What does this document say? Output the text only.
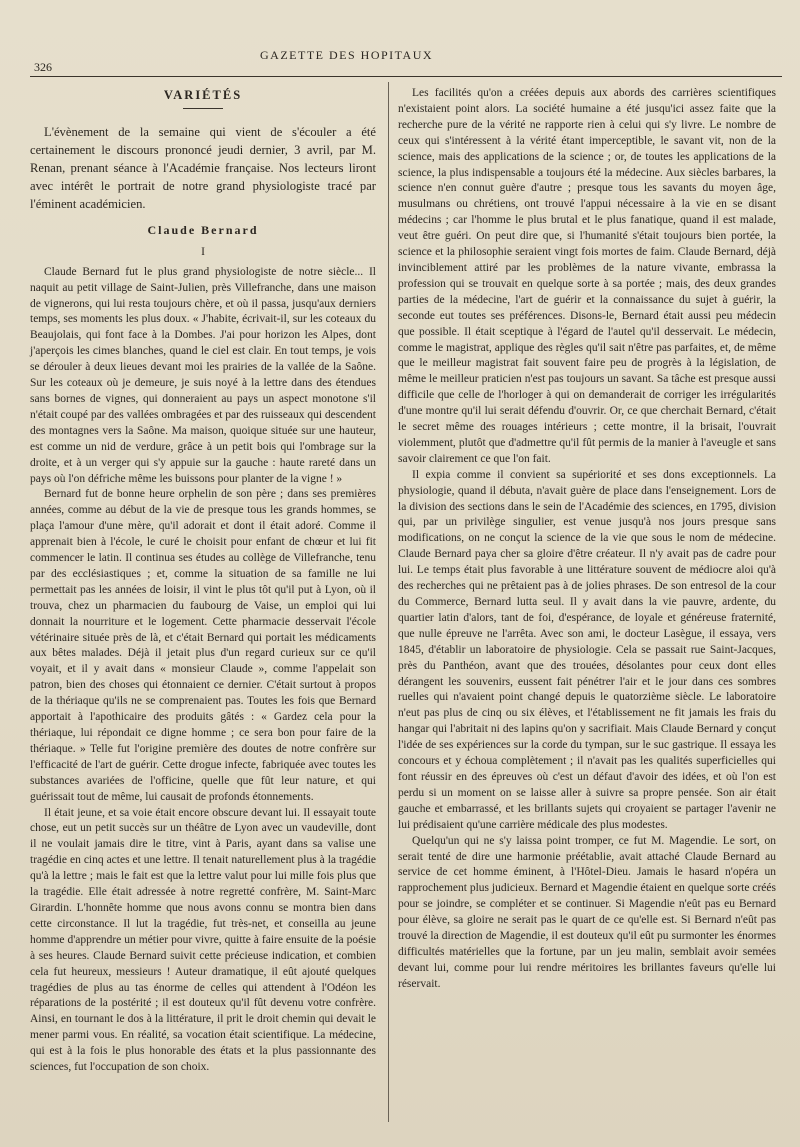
326
GAZETTE DES HOPITAUX
VARIÉTÉS

L'évènement de la semaine qui vient de s'écouler a été certainement le discours prononcé jeudi dernier, 3 avril, par M. Renan, prenant séance à l'Académie française. Nos lecteurs liront avec intérêt le portrait de notre grand physiologiste tracé par l'éminent académicien.

Claude Bernard
I

Claude Bernard fut le plus grand physiologiste de notre siècle... Il naquit au petit village de Saint-Julien, près Villefranche, dans une maison de vignerons, qui lui resta toujours chère, et où il passa, jusqu'aux derniers temps, ses moments les plus doux. « J'habite, écrivait-il, sur les coteaux du Beaujolais, qui font face à la Dombes. J'ai pour horizon les Alpes, dont j'aperçois les cimes blanches, quand le ciel est clair. En tout temps, je vois se dérouler à deux lieues devant moi les prairies de la vallée de la Saône. Sur les coteaux où je demeure, je suis noyé à la lettre dans des étendues sans bornes de vignes, qui donneraient au pays un aspect monotone s'il n'était coupé par des vallées ombragées et par des ruisseaux qui descendent des montagnes vers la Saône. Ma maison, quoique située sur une hauteur, est comme un nid de verdure, grâce à un petit bois qui l'ombrage sur la droite, et à un verger qui s'y appuie sur la gauche : haute rareté dans un pays où l'on défriche même les buissons pour planter de la vigne ! »

Bernard fut de bonne heure orphelin de son père ; dans ses premières années, comme au début de la vie de presque tous les grands hommes, se plaça l'amour d'une mère, qu'il adorait et dont il était adoré. Comme il apprenait bien à l'école, le curé le choisit pour enfant de chœur et lui fit commencer le latin. Il continua ses études au collège de Villefranche, tenu par des ecclésiastiques ; et, comme la situation de sa famille ne lui permettait pas les années de loisir, il vint le plus tôt qu'il put à Lyon, où il trouva, chez un pharmacien du faubourg de Vaise, un emploi qui lui donnait la nourriture et le logement. Cette pharmacie desservait l'école vétérinaire située près de là, et c'était Bernard qui portait les médicaments aux bêtes malades. Déjà il jetait plus d'un regard curieux sur ce qu'il voyait, et il y avait dans « monsieur Claude », comme l'appelait son patron, bien des choses qui étonnaient ce dernier. C'était surtout à propos de la thériaque qu'ils ne se comprenaient pas. Toutes les fois que Bernard apportait à l'apothicaire des produits gâtés : « Gardez cela pour la thériaque, lui répondait ce digne homme ; ce sera bon pour faire de la thériaque. » Telle fut l'origine première des doutes de notre confrère sur l'efficacité de l'art de guérir. Cette drogue infecte, fabriquée avec toutes les substances avariées de l'officine, quelle que fût leur nature, et qui guérissait tout de même, lui causait de profonds étonnements.

Il était jeune, et sa voie était encore obscure devant lui. Il essayait toute chose, eut un petit succès sur un théâtre de Lyon avec un vaudeville, dont il ne voulait jamais dire le titre, vint à Paris, ayant dans sa valise une tragédie en cinq actes et une lettre. Il tenait naturellement plus à la tragédie qu'à la lettre ; mais le fait est que la lettre valut pour lui mille fois plus que la tragédie. Elle était adressée à notre regretté confrère, M. Saint-Marc Girardin. L'honnête homme que nous avons connu se montra bien dans cette circonstance. Il lut la tragédie, fut très-net, et conseilla au jeune homme d'apprendre un métier pour vivre, quitte à faire ensuite de la poésie à ses heures. Claude Bernard suivit cette précieuse indication, et combien cela fut heureux, messieurs ! Auteur dramatique, il eût ajouté quelques tragédies de plus au tas énorme de celles qui attendent à l'Odéon les réparations de la postérité ; il est douteux qu'il fût devenu votre confrère. Ainsi, en tournant le dos à la littérature, il prit le droit chemin qui devait le mener parmi vous. En réalité, sa vocation était scientifique. La médecine, qui est à la fois le plus honorable des états et la plus passionnante des sciences, fut l'occupation de son choix.

Les facilités qu'on a créées depuis aux abords des carrières scientifiques n'existaient point alors. La société humaine a été jusqu'ici assez faite que la recherche pure de la vérité ne rapporte rien à celui qui s'y livre. Le nombre de ceux qui s'intéressent à la vérité étant imperceptible, le savant vit, non de la science, mais des applications de la science ; or, de toutes les applications de la science, la plus indispensable a toujours été la médecine. Aux siècles barbares, la science n'en connut guère d'autre ; presque tous les savants du moyen âge, musulmans ou chrétiens, ont trouvé l'appui nécessaire à la vie en se disant médecins ; car l'homme le plus brutal et le plus fanatique, quand il est malade, veut être guéri. On peut dire que, si l'humanité s'était toujours bien portée, la science et la philosophie seraient vingt fois mortes de faim. Claude Bernard, déjà invinciblement attiré par les problèmes de la nature vivante, embrassa la profession qui se trouvait en quelque sorte à sa portée ; mais, des deux grandes parties de la médecine, l'art de guérir et la connaissance du sujet à guérir, la seconde eut toutes ses préférences. Disons-le, Bernard était aussi peu médecin que possible. Il était sceptique à l'égard de l'autel qu'il desservait. Le médecin, comme le magistrat, applique des règles qu'il sait n'être pas parfaites, et, de même que le meilleur magistrat fait souvent faire peu de progrès à la législation, de même le meilleur praticien n'est pas toujours un savant. Sa tâche est presque aussi difficile que celle de l'horloger à qui on demanderait de corriger les irrégularités d'une montre qu'il lui serait défendu d'ouvrir. Or, ce que cherchait Bernard, c'était le secret même des rouages intérieurs ; cette montre, il la brisait, l'ouvrait violemment, plutôt que d'admettre qu'il fût permis de la manier à l'aveugle et sans savoir clairement ce que l'on fait.

Il expia comme il convient sa supériorité et ses dons exceptionnels. La physiologie, quand il débuta, n'avait guère de place dans l'enseignement. Lors de la division des sections dans le sein de l'Académie des sciences, en 1795, division qui, par un privilège singulier, est venue jusqu'à nos jours presque sans modifications, on ne conçut la science de la vie que sous le nom de médecine. Claude Bernard paya cher sa gloire d'être créateur. Il n'y avait pas de cadre pour lui. Le temps était plus favorable à une littérature souvent de médiocre aloi qu'à des recherches qui ne prêtaient pas à de jolies phrases. De son entresol de la cour du Commerce, Bernard lutta seul. Il y avait dans la vie pauvre, ardente, du quartier latin d'alors, tant de foi, d'espérance, de loyale et généreuse fraternité, que nulle épreuve ne l'arrêta. Avec son ami, le docteur Lasègue, il essaya, vers 1845, d'établir un laboratoire de physiologie. Cela se passait rue Saint-Jacques, près du Panthéon, avant que des trouées, désolantes pour ceux dont elles dérangent les souvenirs, eussent fait pénétrer l'air et le jour dans ces sombres ruelles qui n'avaient point changé depuis le quatorzième siècle. Le laboratoire n'eut pas plus de cinq ou six élèves, et l'établissement ne fit jamais les frais du hangar qui l'abritait ni des lapins qu'on y sacrifiait. Mais Claude Bernard y conçut l'idée de ses expériences sur la corde du tympan, sur le suc gastrique. Il essaya les concours et y échoua complètement ; il n'avait pas les qualités superficielles qui font réussir en des épreuves où c'est un défaut d'avoir des idées, et où l'on est perdu si un moment on se laisse aller à suivre sa propre pensée. Son air était gauche et embarrassé, et les brillants sujets qui croyaient se partager l'avenir ne lui prédisaient qu'une carrière médicale des plus modestes.

Quelqu'un qui ne s'y laissa point tromper, ce fut M. Magendie. Le sort, on serait tenté de dire une harmonie préétablie, avait attaché Claude Bernard au service de cet homme éminent, à l'Hôtel-Dieu. Jamais le hasard n'opéra un rapprochement plus judicieux. Bernard et Magendie étaient en quelque sorte créés pour se joindre, se compléter et se continuer. Si Magendie n'eût pas eu Bernard pour élève, sa gloire ne serait pas le quart de ce qu'elle est. Si Bernard n'eût pas trouvé la direction de Magendie, il est douteux qu'il eût pu surmonter les énormes difficultés matérielles que la fortune, par un jeu malin, semblait avoir semées devant lui, comme pour lui rendre méritoires les brillantes faveurs qu'elle lui réservait.
